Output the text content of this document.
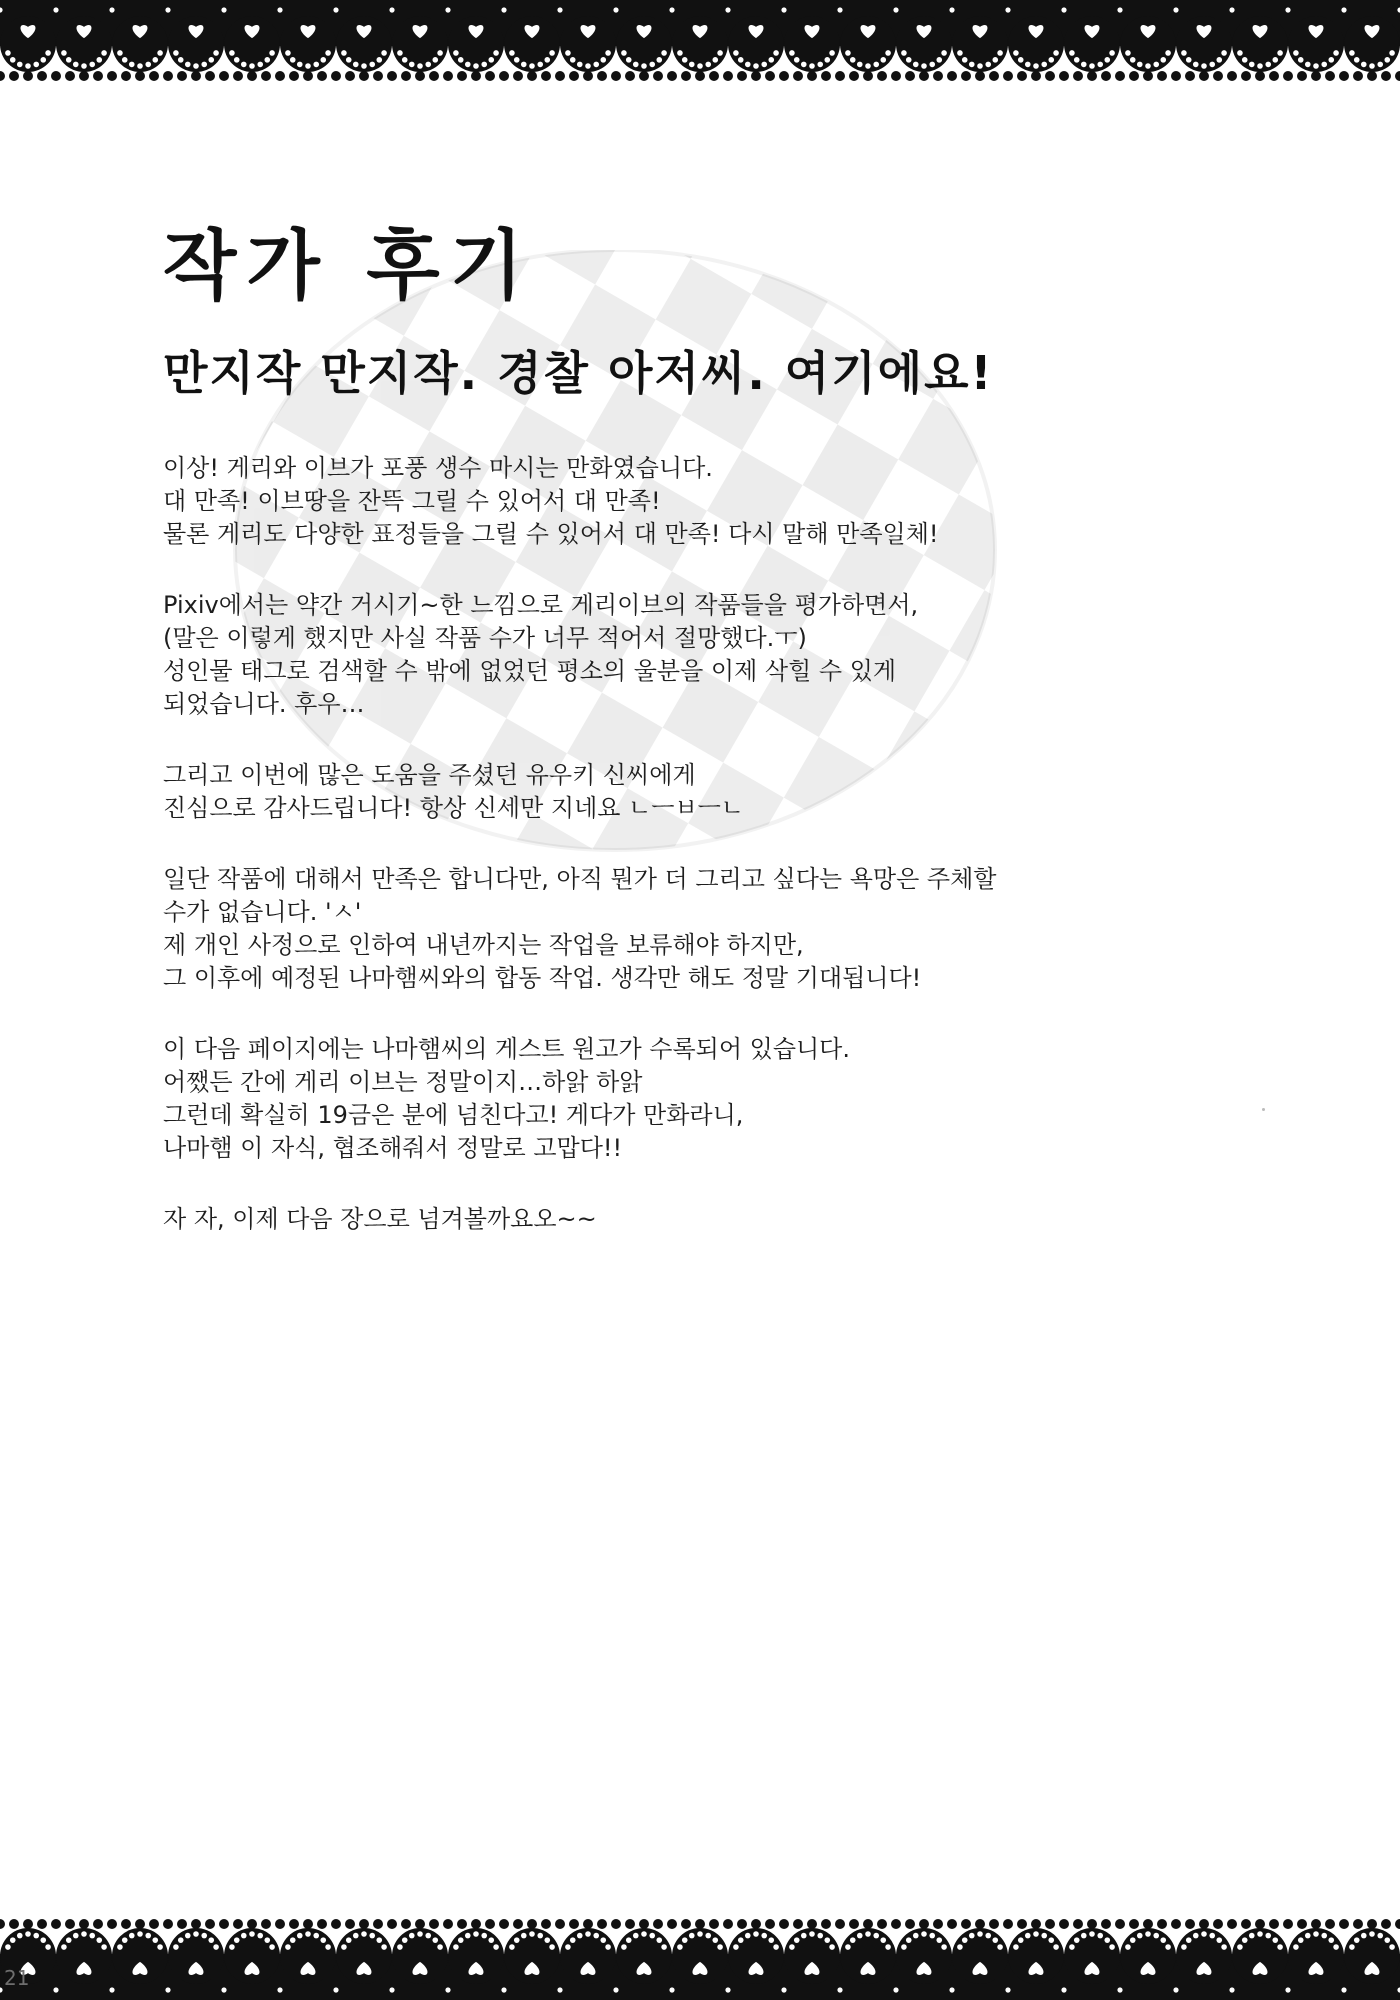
작가 후기
만지작 만지작. 경찰 아저씨. 여기에요!
이상! 게리와 이브가 포풍 생수 마시는 만화였습니다.
대 만족! 이브땅을 잔뜩 그릴 수 있어서 대 만족!
물론 게리도 다양한 표정들을 그릴 수 있어서 대 만족! 다시 말해 만족일체!
Pixiv에서는 약간 거시기~한 느낌으로 게리이브의 작품들을 평가하면서,
(말은 이렇게 했지만 사실 작품 수가 너무 적어서 절망했다.ㅜ)
성인물 태그로 검색할 수 밖에 없었던 평소의 울분을 이제 삭힐 수 있게
되었습니다. 후우…
그리고 이번에 많은 도움을 주셨던 유우키 신씨에게
진심으로 감사드립니다! 항상 신세만 지네요 ㄴㅡㅂㅡㄴ
일단 작품에 대해서 만족은 합니다만, 아직 뭔가 더 그리고 싶다는 욕망은 주체할
수가 없습니다. 'ㅅ'
제 개인 사정으로 인하여 내년까지는 작업을 보류해야 하지만,
그 이후에 예정된 나마햄씨와의 합동 작업. 생각만 해도 정말 기대됩니다!
이 다음 페이지에는 나마햄씨의 게스트 원고가 수록되어 있습니다.
어쨌든 간에 게리 이브는 정말이지…하앍 하앍
그런데 확실히 19금은 분에 넘친다고! 게다가 만화라니,
나마햄 이 자식, 협조해줘서 정말로 고맙다!!
자 자, 이제 다음 장으로 넘겨볼까요오~~
21
